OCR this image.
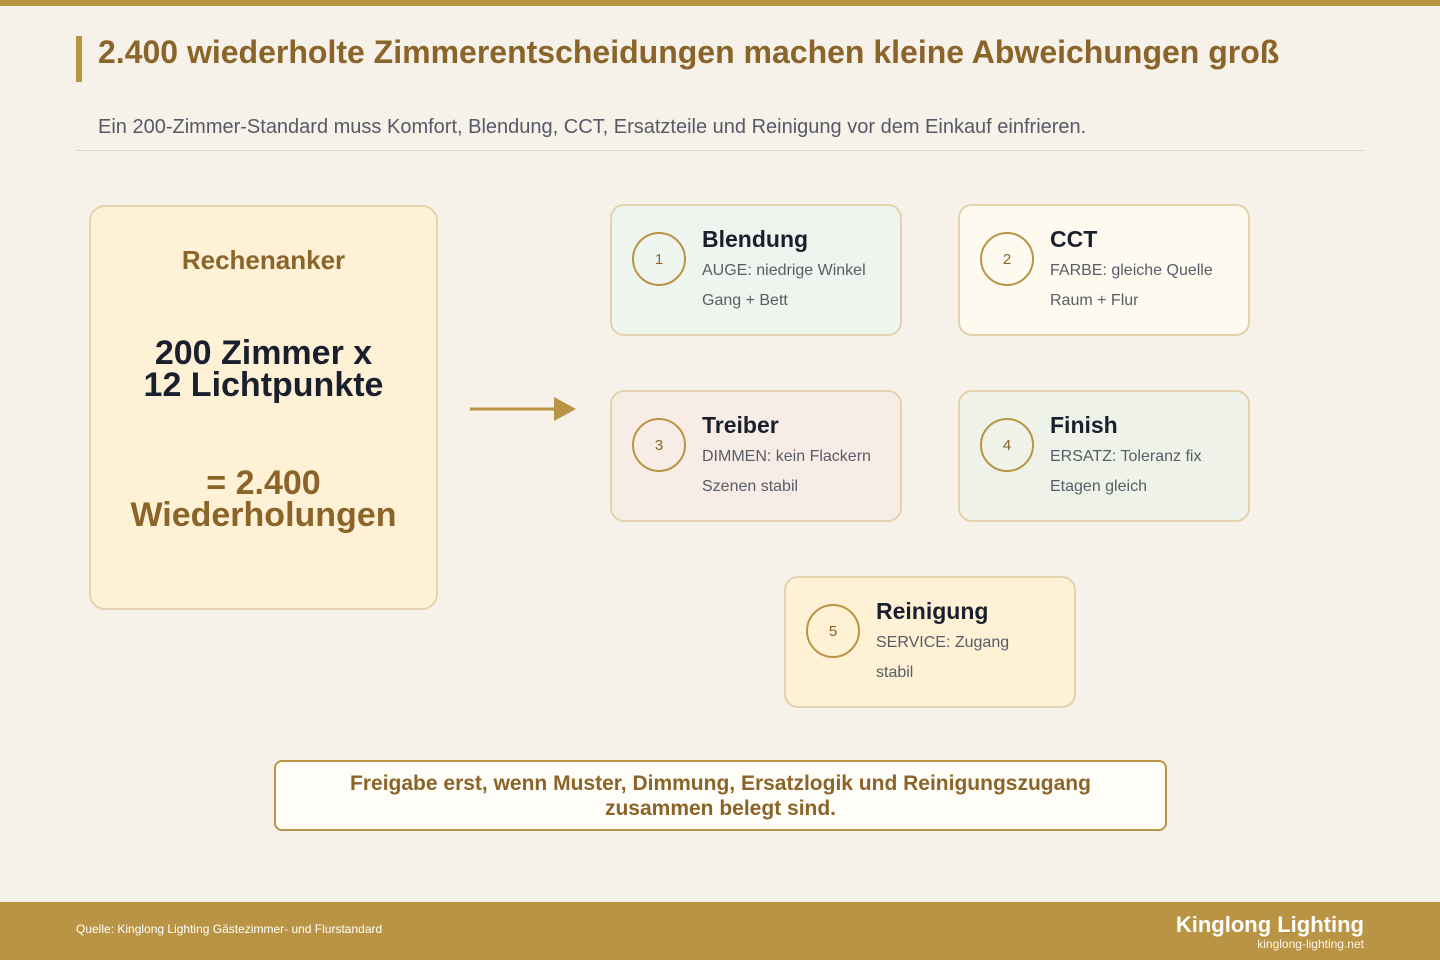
2.400 wiederholte Zimmerentscheidungen machen kleine Abweichungen groß

Ein 200-Zimmer-Standard muss Komfort, Blendung, CCT, Ersatzteile und Reinigung vor dem Einkauf einfrieren.

Rechenanker
200 Zimmer x
12 Lichtpunkte
= 2.400
Wiederholungen
1
Blendung
AUGE: niedrige Winkel
Gang + Bett
2
CCT
FARBE: gleiche Quelle
Raum + Flur
3
Treiber
DIMMEN: kein Flackern
Szenen stabil
4
Finish
ERSATZ: Toleranz fix
Etagen gleich
5
Reinigung
SERVICE: Zugang
stabil
Freigabe erst, wenn Muster, Dimmung, Ersatzlogik und Reinigungszugang zusammen belegt sind.
Quelle: Kinglong Lighting Gästezimmer- und Flurstandard	Kinglong Lighting
kinglong-lighting.net
